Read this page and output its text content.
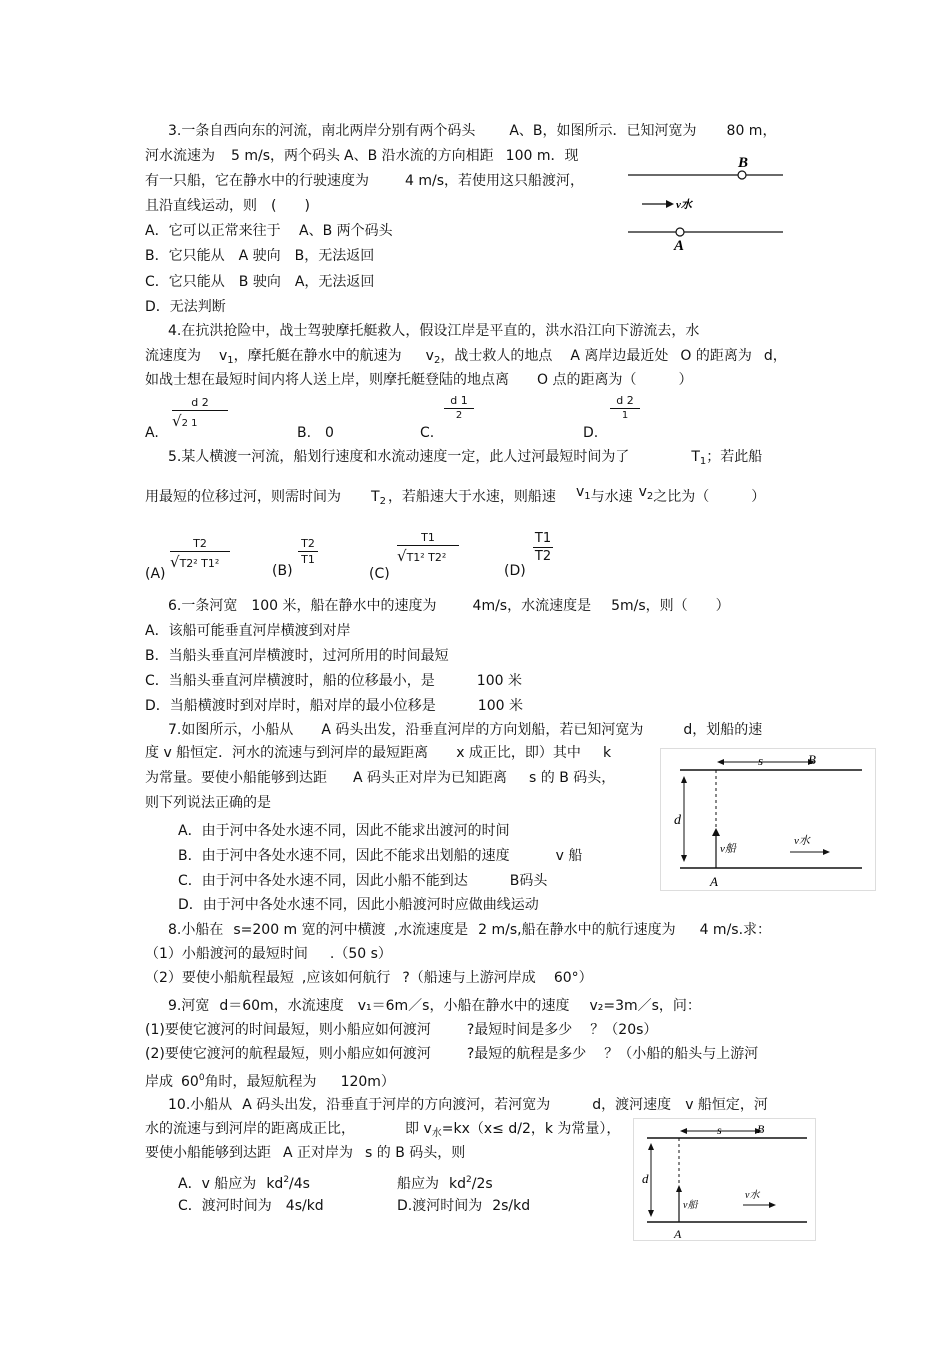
3.一条自西向东的河流，南北两岸分别有两个码头 A、B，如图所示．已知河宽为 80 m，
河水流速为 5 m/s，两个码头 A、B 沿水流的方向相距 100 m．现
有一只船，它在静水中的行驶速度为	4 m/s，若使用这只船渡河，
且沿直线运动，则　(　　)
A．它可以正常来往于　 A、B 两个码头
B．它只能从　A 驶向　B，无法返回
C．它只能从　B 驶向　A，无法返回
D．无法判断
B
A
v水
4.在抗洪抢险中，战士驾驶摩托艇救人，假设江岸是平直的，洪水沿江向下游流去，水
流速度为 $v_1$，摩托艇在静水中的航速为 $v_2$，战士救人的地点 A 离岸边最近处 O 的距离为 d，
如战士想在最短时间内将人送上岸，则摩托艇登陆的地点离 O 点的距离为（　　　）
A.
$\frac{d 2}{√2 1}$
B.　0	C.
$\frac{d 1}{2}$
D.
$\frac{d 2}{1}$
5.某人横渡一河流，船划行速度和水流动速度一定，此人过河最短时间为了	$T_1$；若此船
用最短的位移过河，则需时间为 $T_2$ ，若船速大于水速，则船速 $v_1$与水速 $v_2$之比为（　　　）
(A)
$\frac{T2}{\text{√T2² T1²}}$	(B)
$\frac{T2}{T1}$
(C)
$\frac{T1}{\text{√T1² T2²}}$
(D)
$\frac{T1}{T2}$
6.一条河宽　100 米，船在静水中的速度为	4m/s，水流速度是 5m/s，则（　　）
A．该船可能垂直河岸横渡到对岸
B．当船头垂直河岸横渡时，过河所用的时间最短
C．当船头垂直河岸横渡时，船的位移最小，是	100 米
D．当船横渡时到对岸时，船对岸的最小位移是	100 米
7.如图所示，小船从 A 码头出发，沿垂直河岸的方向划船，若已知河宽为	d，划船的速
度 v 船恒定．河水的流速与到河岸的最短距离 x 成正比，即）其中 k
为常量。要使小船能够到达距 A 码头正对岸为已知距离 s 的 B 码头，
则下列说法正确的是
A．由于河中各处水速不同，因此不能求出渡河的时间
B．由于河中各处水速不同，因此不能求出划船的速度	v 船
C．由于河中各处水速不同，因此小船不能到达	B码头
D．由于河中各处水速不同，因此小船渡河时应做曲线运动
s	B
d
v船
v水
A
8.小船在 s=200 m 宽的河中横渡 ,水流速度是 2 m/s,船在静水中的航行速度为 4 m/s.求：
（1）小船渡河的最短时间 .（50 s）
（2）要使小船航程最短 ,应该如何航行 ?（船速与上游河岸成 60°）
9.河宽 d＝60m，水流速度 v₁＝6m／s，小船在静水中的速度 v₂=3m／s，问：
(1)要使它渡河的时间最短，则小船应如何渡河	?最短时间是多少 ？（20s）
(2)要使它渡河的航程最短，则小船应如何渡河	?最短的航程是多少 ？（小船的船头与上游河
岸成 $60^0$角时，最短航程为 120m）
10.小船从 A 码头出发，沿垂直于河岸的方向渡河，若河宽为	d，渡河速度 v 船恒定，河
水的流速与到河岸的距离成正比，	即 $v_水=kx(x\le d/2$，k 为常量），
要使小船能够到达距 A 正对岸为 s 的 B 码头，则
A．v 船应为 $kd^2/4s$	船应为 $kd^2/2s$
C．渡河时间为 4s/kd	D.渡河时间为 2s/kd
s	B
d
v船
v水
A
